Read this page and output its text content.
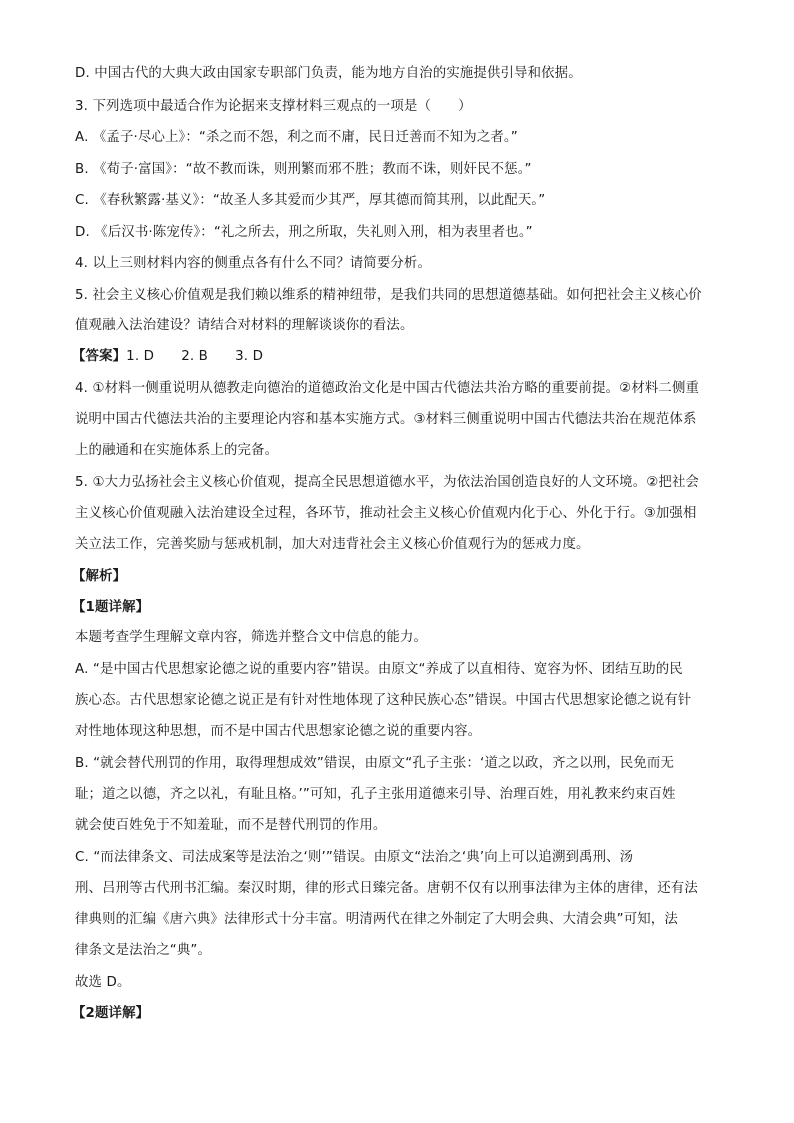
D. 中国古代的大典大政由国家专职部门负责，能为地方自治的实施提供引导和依据。
3. 下列选项中最适合作为论据来支撑材料三观点的一项是（　　）
A. 《孟子·尽心上》：“杀之而不怨，利之而不庸，民日迁善而不知为之者。”
B. 《荀子·富国》：“故不教而诛，则刑繁而邪不胜；教而不诛，则奸民不惩。”
C. 《春秋繁露·基义》：“故圣人多其爱而少其严，厚其德而简其刑，以此配天。”
D. 《后汉书·陈宠传》：“礼之所去，刑之所取，失礼则入刑，相为表里者也。”
4. 以上三则材料内容的侧重点各有什么不同？请简要分析。
5. 社会主义核心价值观是我们赖以维系的精神纽带，是我们共同的思想道德基础。如何把社会主义核心价
值观融入法治建设？请结合对材料的理解谈谈你的看法。
【答案】1. D　　2. B　　3. D
4. ①材料一侧重说明从德教走向德治的道德政治文化是中国古代德法共治方略的重要前提。②材料二侧重
说明中国古代德法共治的主要理论内容和基本实施方式。③材料三侧重说明中国古代德法共治在规范体系
上的融通和在实施体系上的完备。
5. ①大力弘扬社会主义核心价值观，提高全民思想道德水平，为依法治国创造良好的人文环境。②把社会
主义核心价值观融入法治建设全过程，各环节，推动社会主义核心价值观内化于心、外化于行。③加强相
关立法工作，完善奖励与惩戒机制，加大对违背社会主义核心价值观行为的惩戒力度。
【解析】
【1题详解】
本题考查学生理解文章内容，筛选并整合文中信息的能力。
A. “是中国古代思想家论德之说的重要内容”错误。由原文“养成了以直相待、宽容为怀、团结互助的民
族心态。古代思想家论德之说正是有针对性地体现了这种民族心态”错误。中国古代思想家论德之说有针
对性地体现这种思想，而不是中国古代思想家论德之说的重要内容。
B. “就会替代刑罚的作用，取得理想成效”错误，由原文“孔子主张：‘道之以政，齐之以刑，民免而无
耻；道之以德，齐之以礼，有耻且格。’”可知，孔子主张用道德来引导、治理百姓，用礼教来约束百姓
就会使百姓免于不知羞耻，而不是替代刑罚的作用。
C. “而法律条文、司法成案等是法治之‘则’”错误。由原文“法治之‘典’向上可以追溯到禹刑、汤
刑、吕刑等古代刑书汇编。秦汉时期，律的形式日臻完备。唐朝不仅有以刑事法律为主体的唐律，还有法
律典则的汇编《唐六典》法律形式十分丰富。明清两代在律之外制定了大明会典、大清会典”可知，法
律条文是法治之“典”。
故选 D。
【2题详解】
